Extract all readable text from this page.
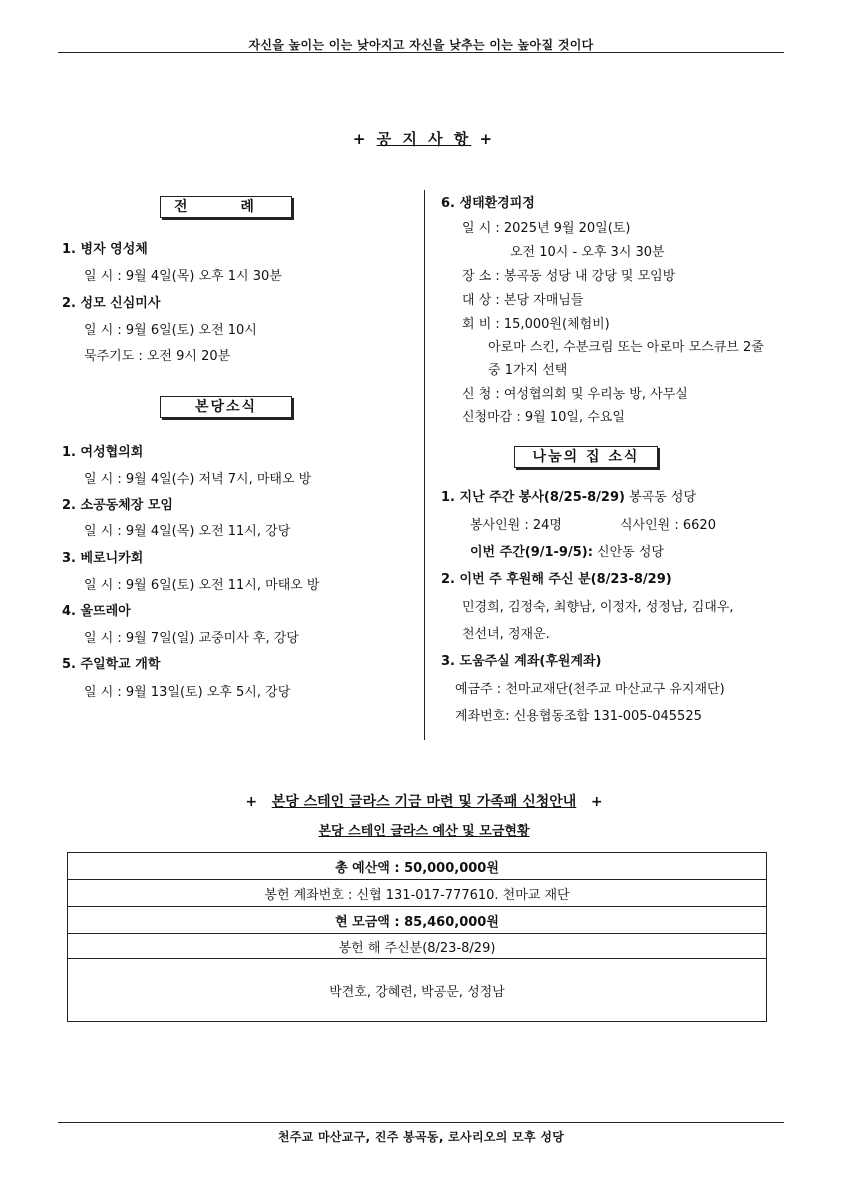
자신을 높이는 이는 낮아지고 자신을 낮추는 이는 높아질 것이다
+ 공 지 사 항 +
전 례
1. 병자 영성체
일 시 : 9월 4일(목) 오후 1시 30분
2. 성모 신심미사
일 시 : 9월 6일(토) 오전 10시
묵주기도 : 오전 9시 20분
본당소식
1. 여성협의회
일 시 : 9월 4일(수) 저녁 7시, 마태오 방
2. 소공동체장 모임
일 시 : 9월 4일(목) 오전 11시, 강당
3. 베로니카회
일 시 : 9월 6일(토) 오전 11시, 마태오 방
4. 울뜨레아
일 시 : 9월 7일(일) 교중미사 후, 강당
5. 주일학교 개학
일 시 : 9월 13일(토) 오후 5시, 강당
6. 생태환경피정
일 시 : 2025년 9월 20일(토)
오전 10시 - 오후 3시 30분
장 소 : 봉곡동 성당 내 강당 및 모임방
대 상 : 본당 자매님들
회 비 : 15,000원(체험비)
아로마 스킨, 수분크림 또는 아로마 모스큐브 2줄
중 1가지 선택
신 청 : 여성협의회 및 우리농 방, 사무실
신청마감 : 9월 10일, 수요일
나눔의 집 소식
1. 지난 주간 봉사(8/25-8/29) 봉곡동 성당
봉사인원 : 24명	식사인원 : 6620
이번 주간(9/1-9/5): 신안동 성당
2. 이번 주 후원해 주신 분(8/23-8/29)
민경희, 김정숙, 최향남, 이정자, 성정남, 김대우,
천선녀, 정재운.
3. 도움주실 계좌(후원계좌)
예금주 : 천마교재단(천주교 마산교구 유지재단)
계좌번호: 신용협동조합 131-005-045525
+ 본당 스테인 글라스 기금 마련 및 가족패 신청안내 +
본당 스테인 글라스 예산 및 모금현황
총 예산액 : 50,000,000원
봉헌 계좌번호 : 신협 131-017-777610. 천마교 재단
현 모금액 : 85,460,000원
봉헌 해 주신분(8/23-8/29)
박견호, 강혜련, 박공문, 성정남
천주교 마산교구, 진주 봉곡동, 로사리오의 모후 성당
